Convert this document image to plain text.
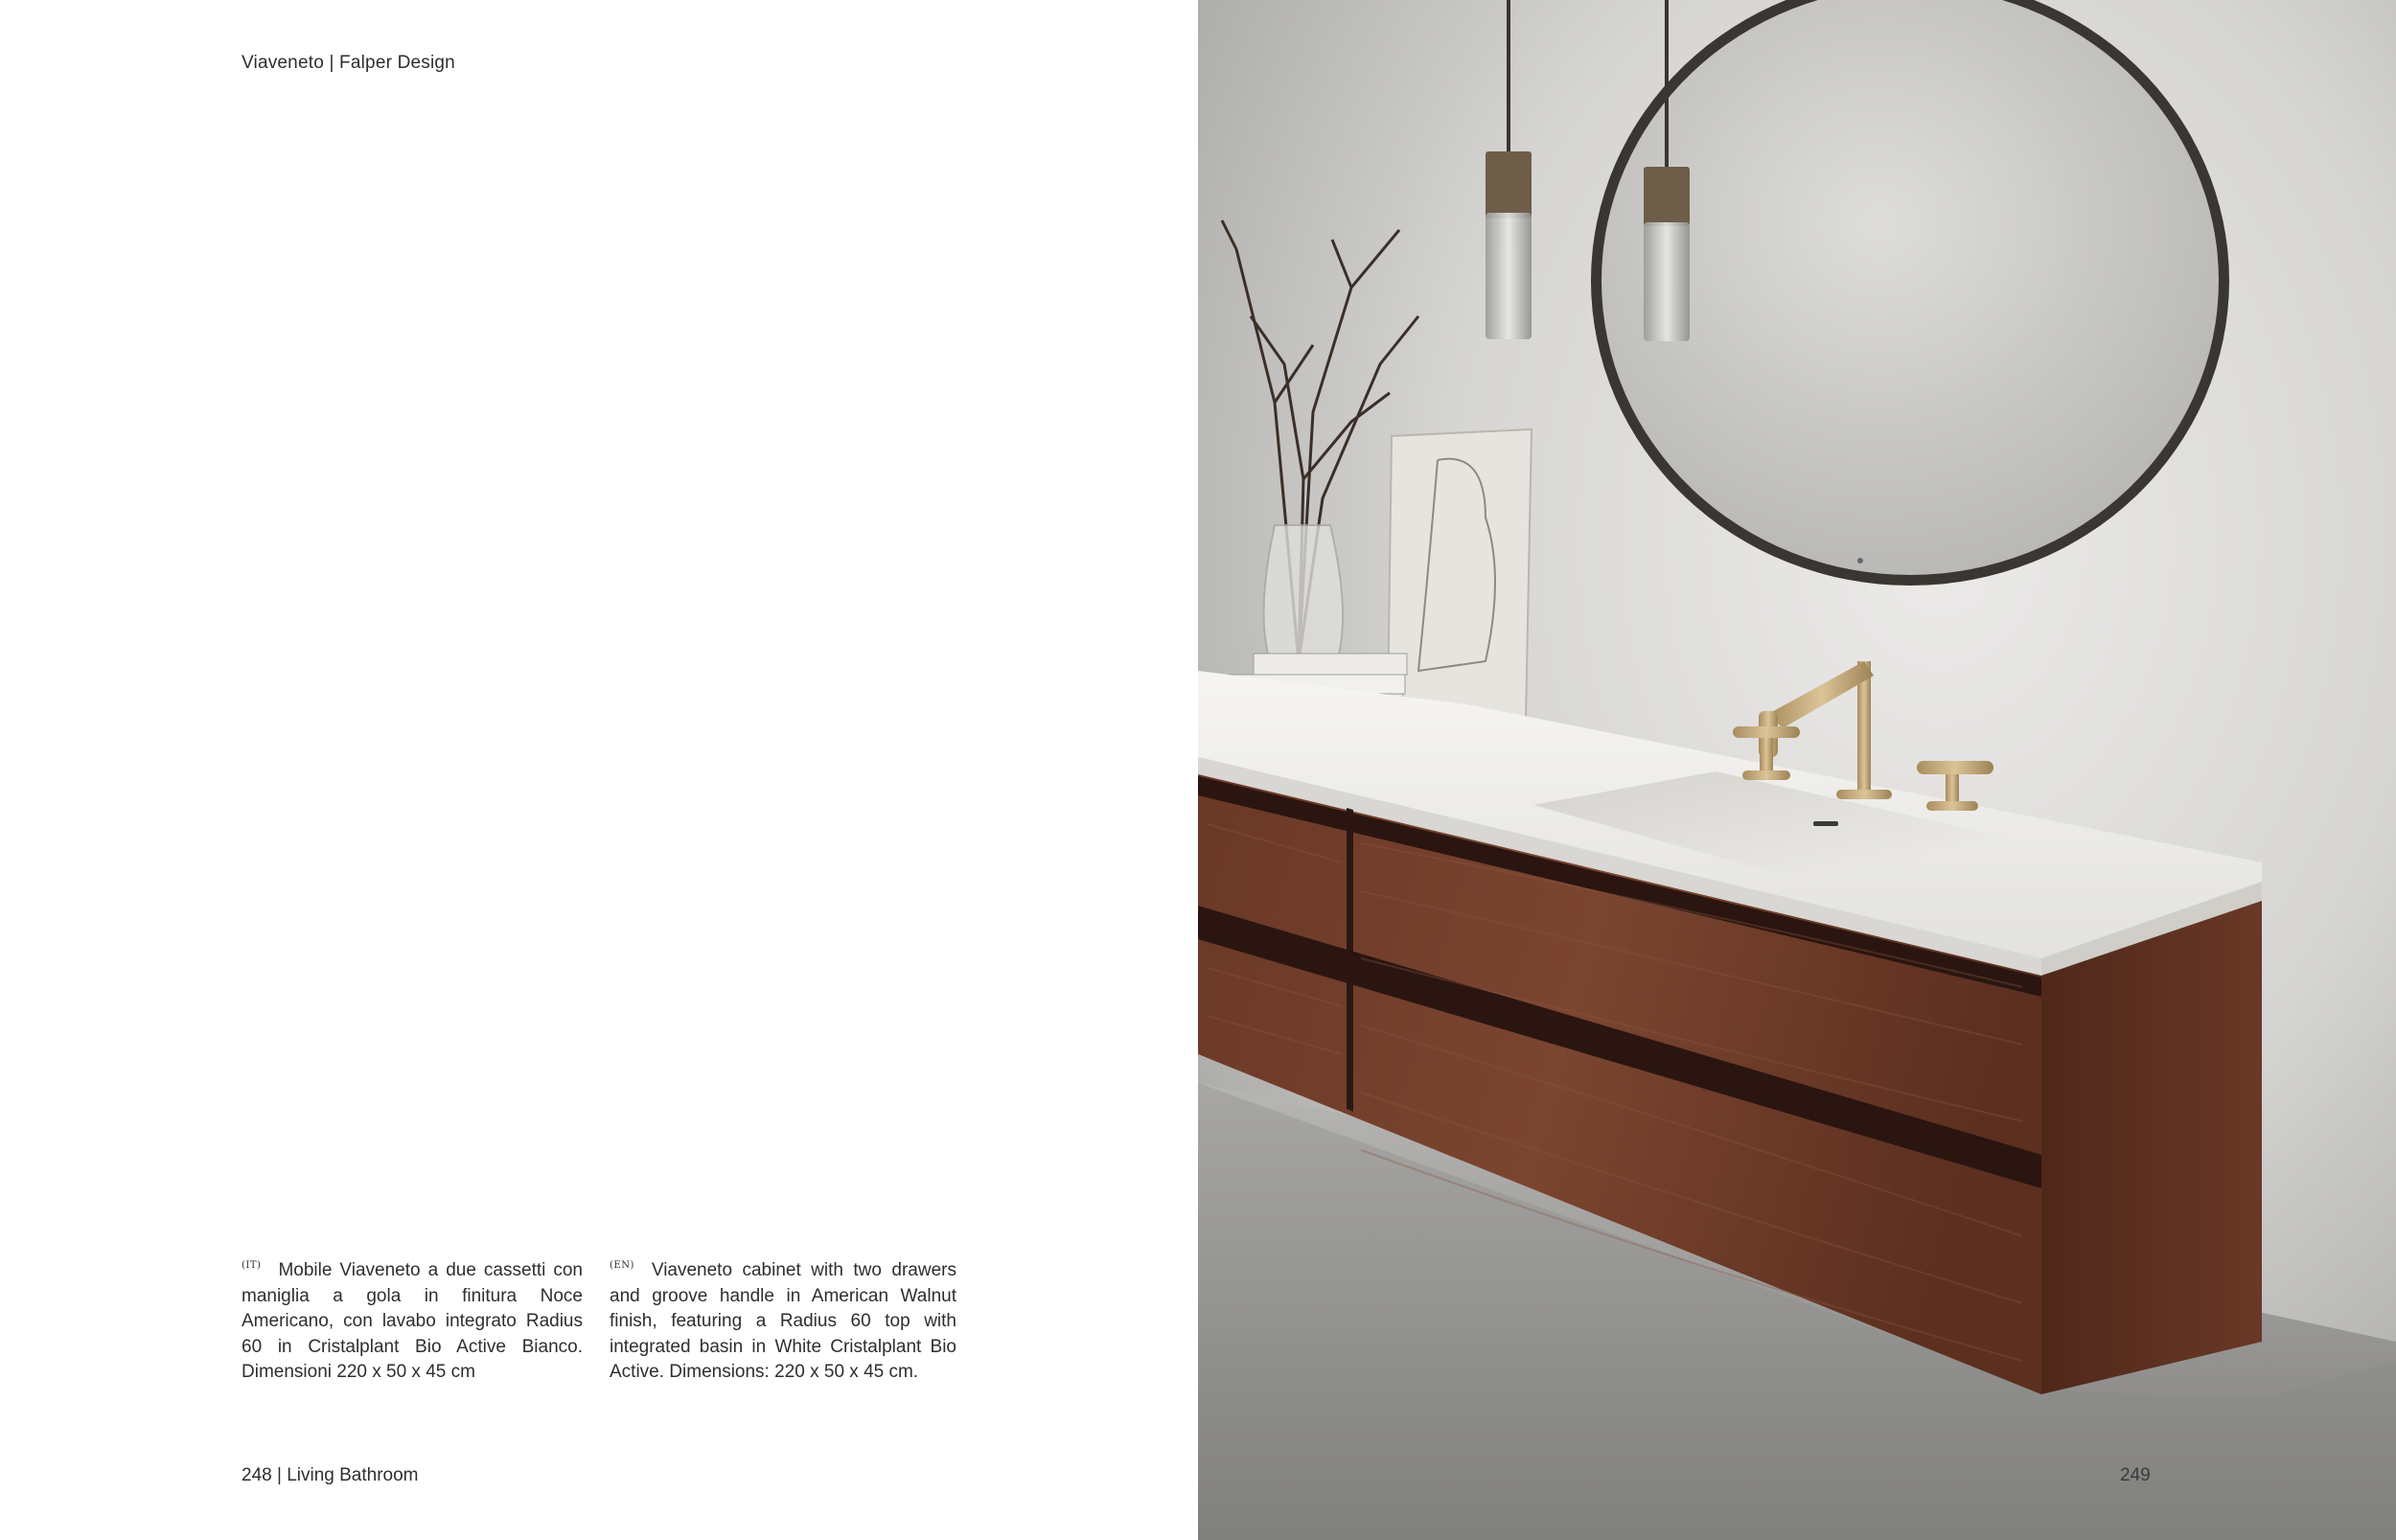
Viaveneto | Falper Design
$^{(IT)}$ Mobile Viaveneto a due cassetti con maniglia a gola in finitura Noce Americano, con lavabo integrato Radius 60 in Cristalplant Bio Active Bianco. Dimensioni 220 x 50 x 45 cm
$^{(EN)}$ Viaveneto cabinet with two drawers and groove handle in American Walnut finish, featuring a Radius 60 top with integrated basin in White Cristalplant Bio Active. Dimensions: 220 x 50 x 45 cm.
248 | Living Bathroom	249
